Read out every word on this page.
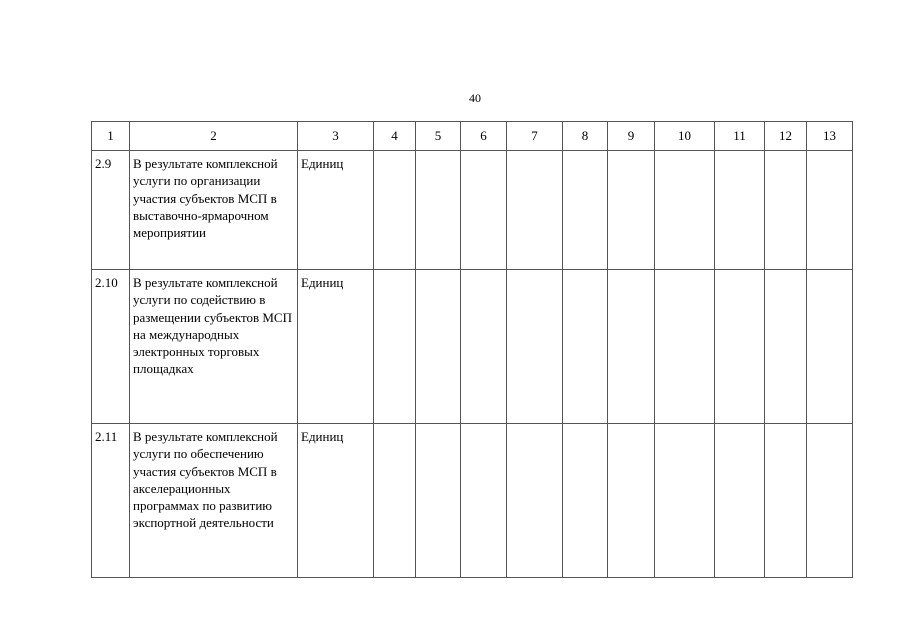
40
1	2	3	4	5	6	7	8	9	10	11	12	13
2.9	В результате комплексной услуги по организации участия субъектов МСП в выставочно-ярмарочном мероприятии	Единиц										
2.10	В результате комплексной услуги по содействию в размещении субъектов МСП на международных электронных торговых площадках	Единиц										
2.11	В результате комплексной услуги по обеспечению участия субъектов МСП в акселерационных программах по развитию экспортной деятельности	Единиц										
